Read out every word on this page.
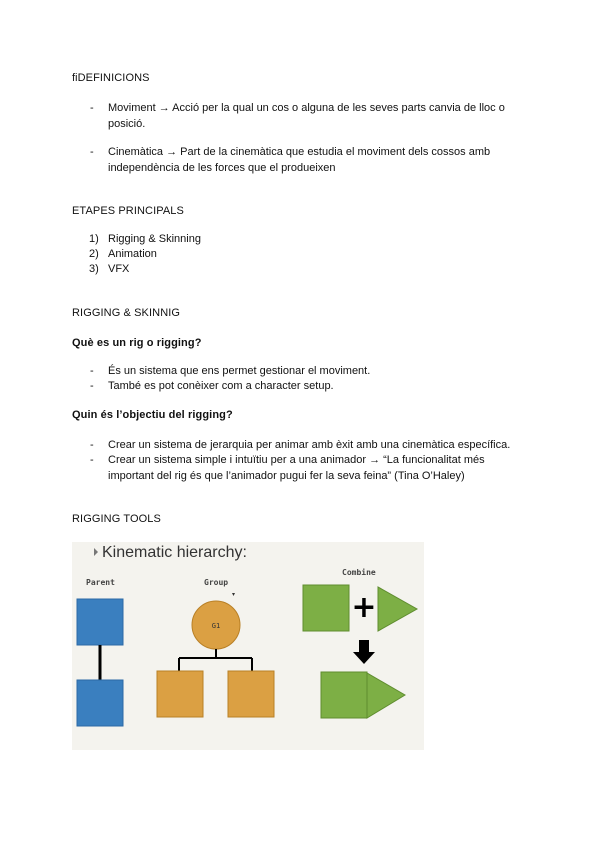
ﬁDEFINICIONS
- Moviment → Acció per la qual un cos o alguna de les seves parts canvia de lloc o
posició.
- Cinemàtica → Part de la cinemàtica que estudia el moviment dels cossos amb
independència de les forces que el produeixen
ETAPES PRINCIPALS
1) Rigging & Skinning
2) Animation
3) VFX
RIGGING & SKINNIG
Què es un rig o rigging?
- És un sistema que ens permet gestionar el moviment.
- També es pot conèixer com a character setup.
Quin és l’objectiu del rigging?
- Crear un sistema de jerarquia per animar amb èxit amb una cinemàtica específica.
- Crear un sistema simple i intuïtiu per a una animador → “La funcionalitat més
important del rig és que l’animador pugui fer la seva feina” (Tina O’Haley)
RIGGING TOOLS
Kinematic hierarchy:
Parent	Group
Combine
▾
G1
+
